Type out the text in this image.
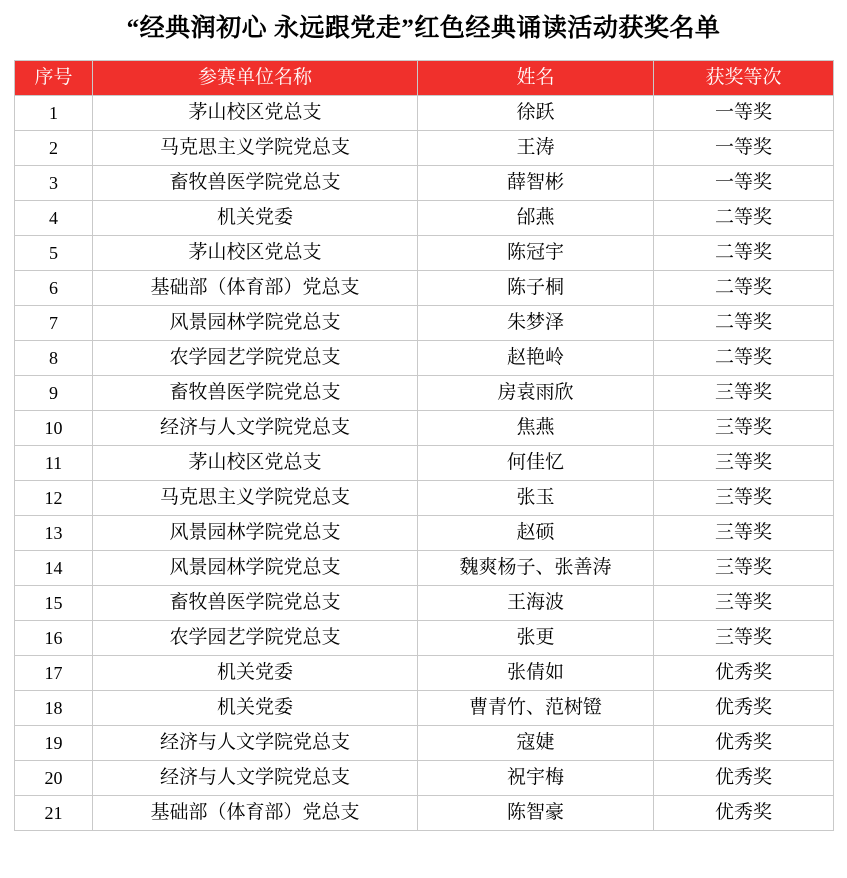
“经典润初心 永远跟党走”红色经典诵读活动获奖名单
序号	参赛单位名称	姓名	获奖等次
1	茅山校区党总支	徐跃	一等奖
2	马克思主义学院党总支	王涛	一等奖
3	畜牧兽医学院党总支	薛智彬	一等奖
4	机关党委	邰燕	二等奖
5	茅山校区党总支	陈冠宇	二等奖
6	基础部（体育部）党总支	陈子桐	二等奖
7	风景园林学院党总支	朱梦泽	二等奖
8	农学园艺学院党总支	赵艳岭	二等奖
9	畜牧兽医学院党总支	房袁雨欣	三等奖
10	经济与人文学院党总支	焦燕	三等奖
11	茅山校区党总支	何佳忆	三等奖
12	马克思主义学院党总支	张玉	三等奖
13	风景园林学院党总支	赵硕	三等奖
14	风景园林学院党总支	魏爽杨子、张善涛	三等奖
15	畜牧兽医学院党总支	王海波	三等奖
16	农学园艺学院党总支	张更	三等奖
17	机关党委	张倩如	优秀奖
18	机关党委	曹青竹、范树镫	优秀奖
19	经济与人文学院党总支	寇婕	优秀奖
20	经济与人文学院党总支	祝宇梅	优秀奖
21	基础部（体育部）党总支	陈智豪	优秀奖
